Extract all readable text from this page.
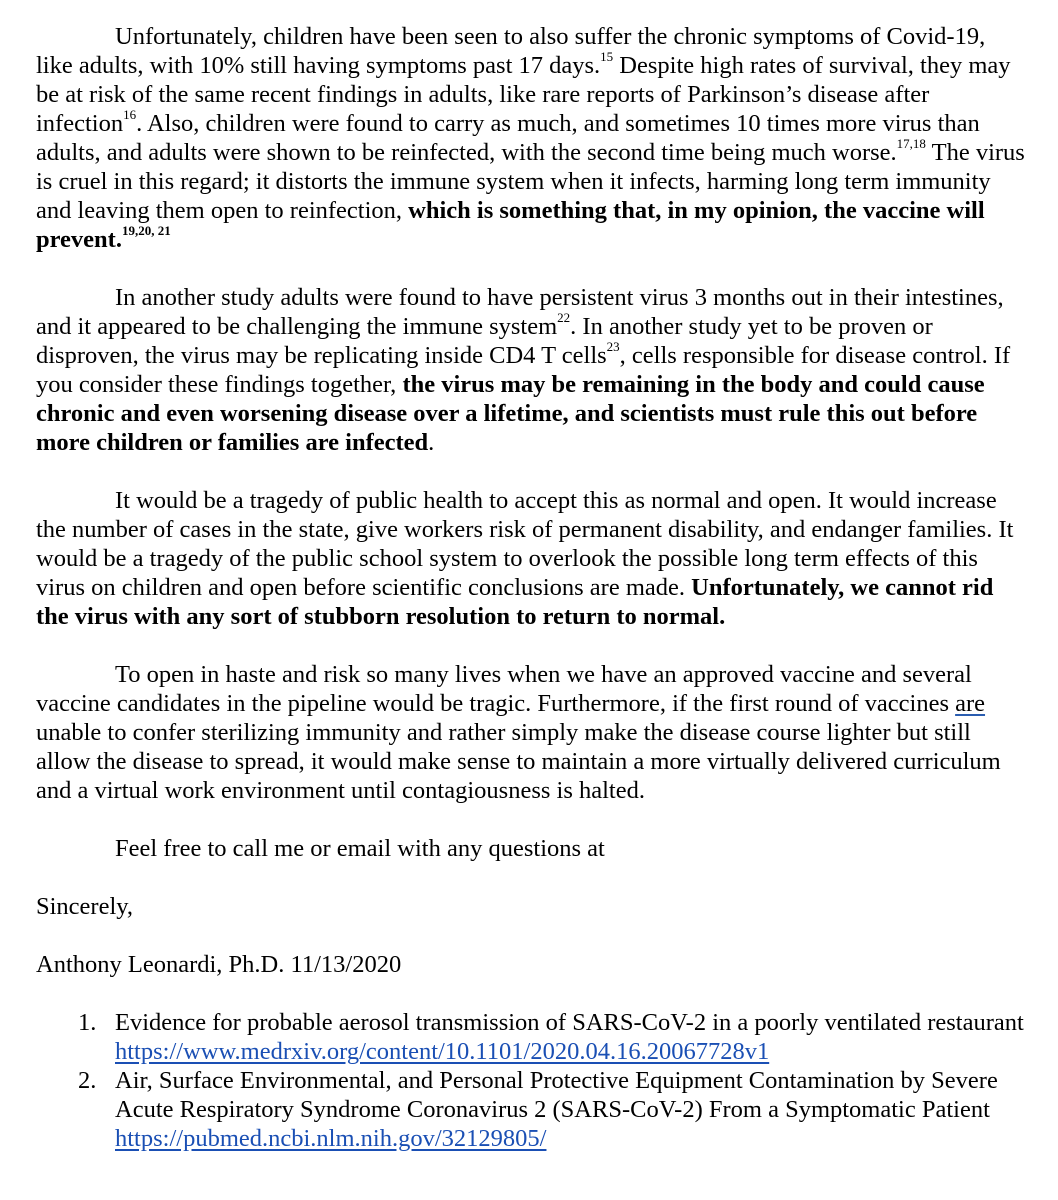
Unfortunately, children have been seen to also suffer the chronic symptoms of Covid-19, like adults, with 10% still having symptoms past 17 days.$^{15}$ Despite high rates of survival, they may be at risk of the same recent findings in adults, like rare reports of Parkinson’s disease after infection$^{16}$. Also, children were found to carry as much, and sometimes 10 times more virus than adults, and adults were shown to be reinfected, with the second time being much worse.$^{17,18}$ The virus is cruel in this regard; it distorts the immune system when it infects, harming long term immunity and leaving them open to reinfection, which is something that, in my opinion, the vaccine will prevent.$^{19,20, 21}$

In another study adults were found to have persistent virus 3 months out in their intestines, and it appeared to be challenging the immune system$^{22}$. In another study yet to be proven or disproven, the virus may be replicating inside CD4 T cells$^{23}$, cells responsible for disease control. If you consider these findings together, the virus may be remaining in the body and could cause chronic and even worsening disease over a lifetime, and scientists must rule this out before more children or families are infected.

It would be a tragedy of public health to accept this as normal and open. It would increase the number of cases in the state, give workers risk of permanent disability, and endanger families. It would be a tragedy of the public school system to overlook the possible long term effects of this virus on children and open before scientific conclusions are made. Unfortunately, we cannot rid the virus with any sort of stubborn resolution to return to normal.

To open in haste and risk so many lives when we have an approved vaccine and several vaccine candidates in the pipeline would be tragic. Furthermore, if the first round of vaccines are unable to confer sterilizing immunity and rather simply make the disease course lighter but still allow the disease to spread, it would make sense to maintain a more virtually delivered curriculum and a virtual work environment until contagiousness is halted.

Feel free to call me or email with any questions at

Sincerely,

Anthony Leonardi, Ph.D. 11/13/2020

1. Evidence for probable aerosol transmission of SARS-CoV-2 in a poorly ventilated restaurant https://www.medrxiv.org/content/10.1101/2020.04.16.20067728v1
2. Air, Surface Environmental, and Personal Protective Equipment Contamination by Severe Acute Respiratory Syndrome Coronavirus 2 (SARS-CoV-2) From a Symptomatic Patient https://pubmed.ncbi.nlm.nih.gov/32129805/
